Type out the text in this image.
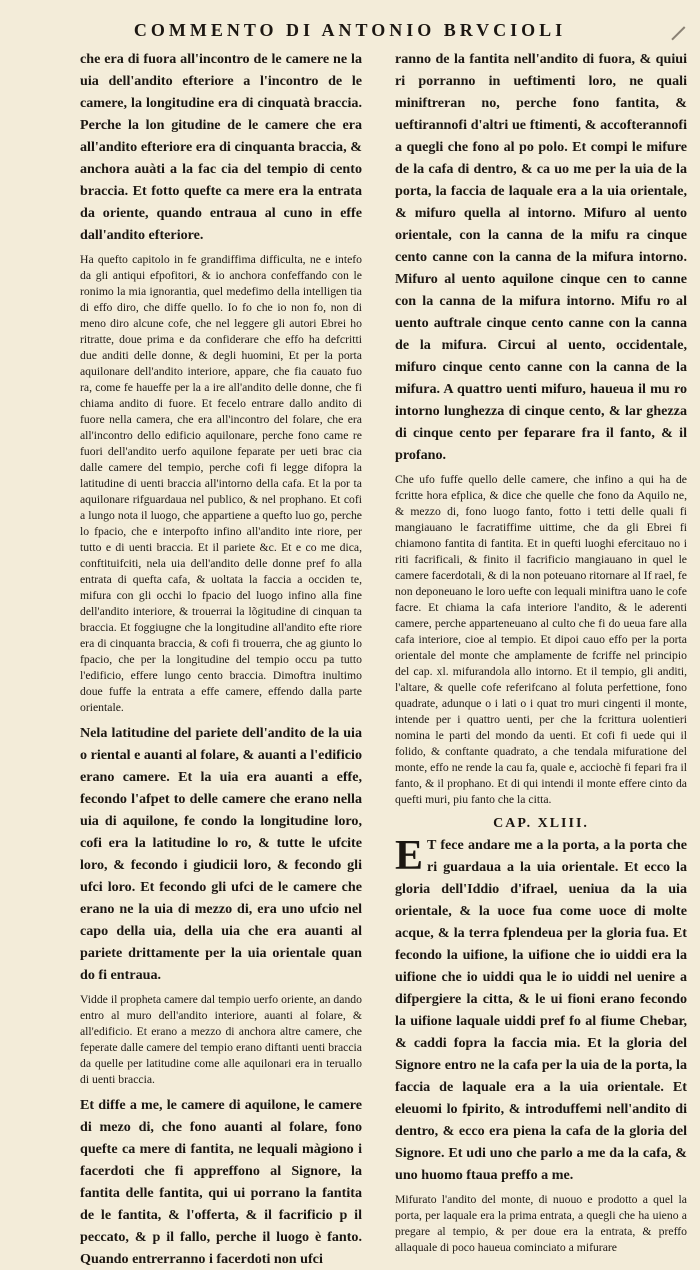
COMMENTO DI ANTONIO BRVCIOLI

che era di fuora all'incontro de le camere ne la uia dell'andito efteriore a l'incontro de le camere, la longitudine era di cinquatà braccia. Perche la lon gitudine de le camere che era all'andito efteriore era di cinquanta braccia, & anchora auàti a la fac cia del tempio di cento braccia. Et fotto quefte ca mere era la entrata da oriente, quando entraua al cuno in effe dall'andito efteriore.

Ha quefto capitolo in fe grandiffima difficulta, ne e intefo da gli antiqui efpofitori, & io anchora confeffando con le ronimo la mia ignorantia, quel medefimo della intelligen tia di effo diro, che diffe quello. Io fo che io non fo, non di meno diro alcune cofe, che nel leggere gli autori Ebrei ho ritratte, doue prima e da confiderare che effo ha defcritti due anditi delle donne, & degli huomini, Et per la porta aquilonare dell'andito interiore, appare, che fia cauato fuo ra, come fe haueffe per la a ire all'andito delle donne, che fi chiama andito di fuore. Et fecelo entrare dallo andito di fuore nella camera, che era all'incontro del folare, che era all'incontro dello edificio aquilonare, perche fono came re fuori dell'andito uerfo aquilone feparate per ueti brac cia dalle camere del tempio, perche cofi fi legge difopra la latitudine di uenti braccia all'intorno della cafa. Et la por ta aquilonare rifguardaua nel publico, & nel prophano. Et cofi a lungo nota il luogo, che appartiene a quefto luo go, perche lo fpacio, che e interpofto infino all'andito inte riore, per tutto e di uenti braccia. Et il pariete &c. Et e co me dica, conftituifciti, nela uia dell'andito delle donne pref fo alla entrata di quefta cafa, & uoltata la faccia a occiden te, mifura con gli occhi lo fpacio del luogo infino alla fine dell'andito interiore, & trouerrai la lõgitudine di cinquan ta braccia. Et foggiugne che la longitudine all'andito efte riore era di cinquanta braccia, & cofi fi trouerra, che ag giunto lo fpacio, che per la longitudine del tempio occu pa tutto l'edificio, effere lungo cento braccia. Dimoftra inultimo doue fuffe la entrata a effe camere, effendo dalla parte orientale.

Nela latitudine del pariete dell'andito de la uia o riental e auanti al folare, & auanti a l'edificio erano camere. Et la uia era auanti a effe, fecondo l'afpet to delle camere che erano nella uia di aquilone, fe condo la longitudine loro, cofi era la latitudine lo ro, & tutte le ufcite loro, & fecondo i giudicii loro, & fecondo gli ufci loro. Et fecondo gli ufci de le camere che erano ne la uia di mezzo di, era uno ufcio nel capo della uia, della uia che era auanti al pariete drittamente per la uia orientale quan do fi entraua.

Vidde il propheta camere dal tempio uerfo oriente, an dando entro al muro dell'andito interiore, auanti al folare, & all'edificio. Et erano a mezzo di anchora altre camere, che feperate dalle camere del tempio erano diftanti uenti braccia da quelle per latitudine come alle aquilonari era in teruallo di uenti braccia.

Et diffe a me, le camere di aquilone, le camere di mezo di, che fono auanti al folare, fono quefte ca mere di fantita, ne lequali màgiono i facerdoti che fi appreffono al Signore, la fantita delle fantita, qui ui porrano la fantita de le fantita, & l'offerta, & il facrificio p il peccato, & p il fallo, perche il luogo è fanto. Quando entrerranno i facerdoti non ufci

ranno de la fantita nell'andito di fuora, & quiui ri porranno in ueftimenti loro, ne quali miniftreran no, perche fono fantita, & ueftirannofi d'altri ue ftimenti, & accofterannofi a quegli che fono al po polo. Et compi le mifure de la cafa di dentro, & ca uo me per la uia de la porta, la faccia de laquale era a la uia orientale, & mifuro quella al intorno. Mifuro al uento orientale, con la canna de la mifu ra cinque cento canne con la canna de la mifura intorno. Mifuro al uento aquilone cinque cen to canne con la canna de la mifura intorno. Mifu ro al uento auftrale cinque cento canne con la canna de la mifura. Circui al uento, occidentale, mifuro cinque cento canne con la canna de la mifura. A quattro uenti mifuro, haueua il mu ro intorno lunghezza di cinque cento, & lar ghezza di cinque cento per feparare fra il fanto, & il profano.

Che ufo fuffe quello delle camere, che infino a qui ha de fcritte hora efplica, & dice che quelle che fono da Aquilo ne, & mezzo di, fono luogo fanto, fotto i tetti delle quali fi mangiauano le facratiffime uittime, che da gli Ebrei fi chiamono fantita di fantita. Et in quefti luoghi efercitauo no i riti facrificali, & finito il facrificio mangiauano in quel le camere facerdotali, & di la non poteuano ritornare al If rael, fe non deponeuano le loro uefte con lequali miniftra uano le cofe facre. Et chiama la cafa interiore l'andito, & le aderenti camere, perche apparteneuano al culto che fi do ueua fare alla cafa interiore, cioe al tempio. Et dipoi cauo effo per la porta orientale del monte che amplamente de fcriffe nel principio del cap. xl. mifurandola allo intorno. Et il tempio, gli anditi, l'altare, & quelle cofe referifcano al foluta perfettione, fono quadrate, adunque o i lati o i quat tro muri cingenti il monte, intende per i quattro uenti, per che la fcrittura uolentieri nomina le parti del mondo da uenti. Et cofi fi uede qui il folido, & conftante quadrato, a che tendala mifuratione del monte, effo ne rende la cau fa, quale e, acciochè fi fepari fra il fanto, & il prophano. Et di qui intendi il monte effere cinto da quefti muri, piu fanto che la citta.

CAP. XLIII.
E T fece andare me a la porta, a la porta che ri guardaua a la uia orientale. Et ecco la gloria dell'Iddio d'ifrael, ueniua da la uia orientale, & la uoce fua come uoce di molte acque, & la terra fplendeua per la gloria fua. Et fecondo la uifione, la uifione che io uiddi era la uifione che io uiddi qua le io uiddi nel uenire a difpergiere la citta, & le ui fioni erano fecondo la uifione laquale uiddi pref fo al fiume Chebar, & caddi fopra la faccia mia. Et la gloria del Signore entro ne la cafa per la uia de la porta, la faccia de laquale era a la uia orientale. Et eleuomi lo fpirito, & introduffemi nell'andito di dentro, & ecco era piena la cafa de la gloria del Signore. Et udi uno che parlo a me da la cafa, & uno huomo ftaua preffo a me.

Mifurato l'andito del monte, di nuouo e prodotto a quel la porta, per laquale era la prima entrata, a quegli che ha uieno a pregare al tempio, & per doue era la entrata, & preffo allaquale di poco haueua cominciato a mifurare
